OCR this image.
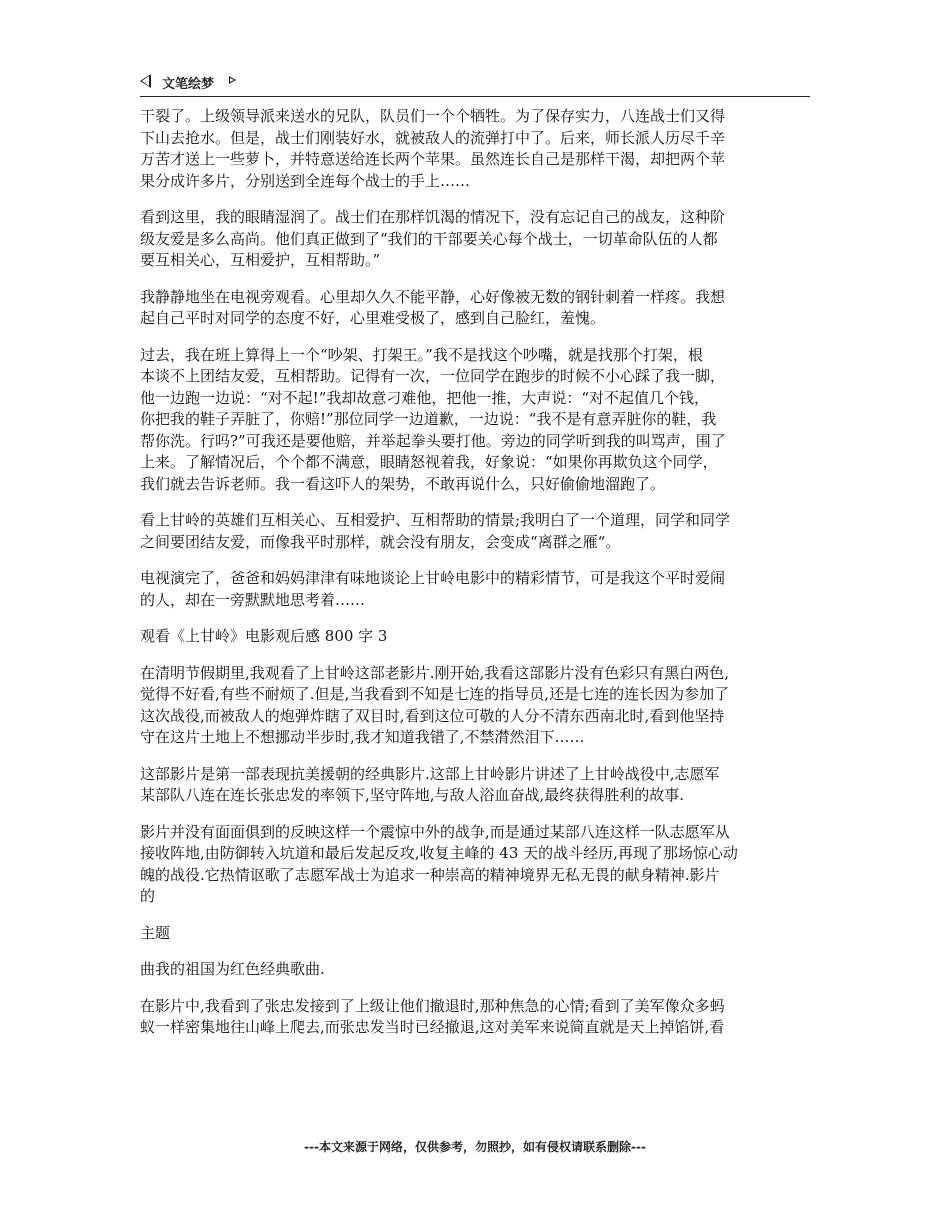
文笔绘梦

干裂了。上级领导派来送水的兄队，队员们一个个牺牲。为了保存实力，八连战士们又得
下山去抢水。但是，战士们刚装好水，就被敌人的流弹打中了。后来，师长派人历尽千辛
万苦才送上一些萝卜，并特意送给连长两个苹果。虽然连长自己是那样干渴，却把两个苹
果分成许多片，分别送到全连每个战士的手上……

看到这里，我的眼睛湿润了。战士们在那样饥渴的情况下，没有忘记自己的战友，这种阶
级友爱是多么高尚。他们真正做到了“我们的干部要关心每个战士，一切革命队伍的人都
要互相关心，互相爱护，互相帮助。”

我静静地坐在电视旁观看。心里却久久不能平静，心好像被无数的钢针刺着一样疼。我想
起自己平时对同学的态度不好，心里难受极了，感到自己脸红，羞愧。

过去，我在班上算得上一个“吵架、打架王。”我不是找这个吵嘴，就是找那个打架，根
本谈不上团结友爱，互相帮助。记得有一次，一位同学在跑步的时候不小心踩了我一脚，
他一边跑一边说：“对不起!”我却故意刁难他，把他一推，大声说：“对不起值几个钱，
你把我的鞋子弄脏了，你赔!”那位同学一边道歉，一边说：“我不是有意弄脏你的鞋，我
帮你洗。行吗?”可我还是要他赔，并举起拳头要打他。旁边的同学听到我的叫骂声，围了
上来。了解情况后，个个都不满意，眼睛怒视着我，好象说：“如果你再欺负这个同学，
我们就去告诉老师。我一看这吓人的架势，不敢再说什么，只好偷偷地溜跑了。

看上甘岭的英雄们互相关心、互相爱护、互相帮助的情景;我明白了一个道理，同学和同学
之间要团结友爱，而像我平时那样，就会没有朋友，会变成“离群之雁“。

电视演完了，爸爸和妈妈津津有味地谈论上甘岭电影中的精彩情节，可是我这个平时爱闹
的人，却在一旁默默地思考着……

观看《上甘岭》电影观后感 800 字 3

在清明节假期里,我观看了上甘岭这部老影片.刚开始,我看这部影片没有色彩只有黑白两色,
觉得不好看,有些不耐烦了.但是,当我看到不知是七连的指导员,还是七连的连长因为参加了
这次战役,而被敌人的炮弹炸瞎了双目时,看到这位可敬的人分不清东西南北时,看到他坚持
守在这片土地上不想挪动半步时,我才知道我错了,不禁潸然泪下……

这部影片是第一部表现抗美援朝的经典影片.这部上甘岭影片讲述了上甘岭战役中,志愿军
某部队八连在连长张忠发的率领下,坚守阵地,与敌人浴血奋战,最终获得胜利的故事.

影片并没有面面俱到的反映这样一个震惊中外的战争,而是通过某部八连这样一队志愿军从
接收阵地,由防御转入坑道和最后发起反攻,收复主峰的 43 天的战斗经历,再现了那场惊心动
魄的战役.它热情讴歌了志愿军战士为追求一种崇高的精神境界无私无畏的献身精神.影片
的

主题

曲我的祖国为红色经典歌曲.

在影片中,我看到了张忠发接到了上级让他们撤退时,那种焦急的心情;看到了美军像众多蚂
蚁一样密集地往山峰上爬去,而张忠发当时已经撤退,这对美军来说简直就是天上掉馅饼,看

---本文来源于网络，仅供参考，勿照抄，如有侵权请联系删除---
